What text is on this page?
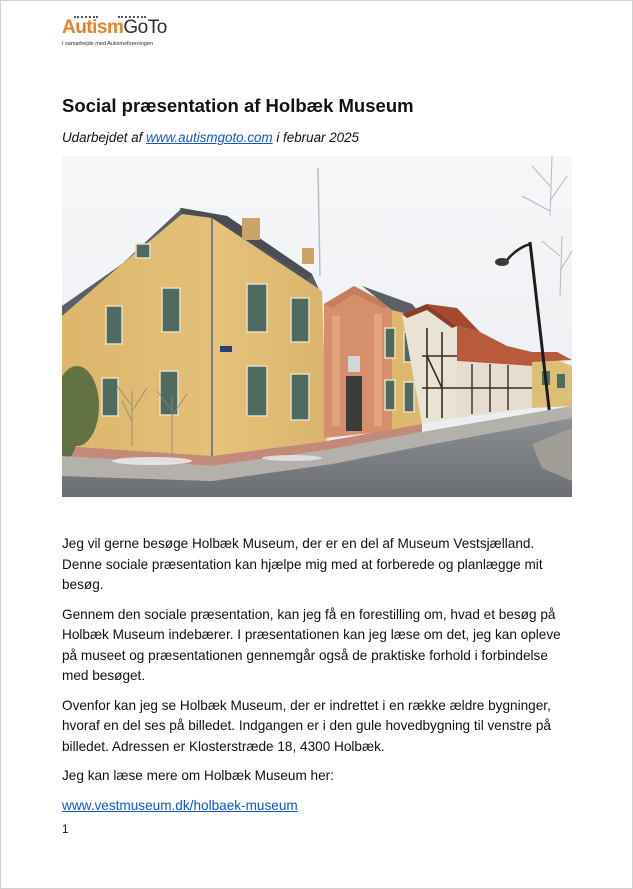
Autism GoTo
I samarbejde med Autismeforeningen
Social præsentation af Holbæk Museum
Udarbejdet af www.autismgoto.com i februar 2025

Jeg vil gerne besøge Holbæk Museum, der er en del af Museum Vestsjælland. Denne sociale præsentation kan hjælpe mig med at forberede og planlægge mit besøg.

Gennem den sociale præsentation, kan jeg få en forestilling om, hvad et besøg på Holbæk Museum indebærer. I præsentationen kan jeg læse om det, jeg kan opleve på museet og præsentationen gennemgår også de praktiske forhold i forbindelse med besøget.

Ovenfor kan jeg se Holbæk Museum, der er indrettet i en række ældre bygninger, hvoraf en del ses på billedet. Indgangen er i den gule hovedbygning til venstre på billedet. Adressen er Klosterstræde 18, 4300 Holbæk.

Jeg kan læse mere om Holbæk Museum her:

www.vestmuseum.dk/holbaek-museum

1
